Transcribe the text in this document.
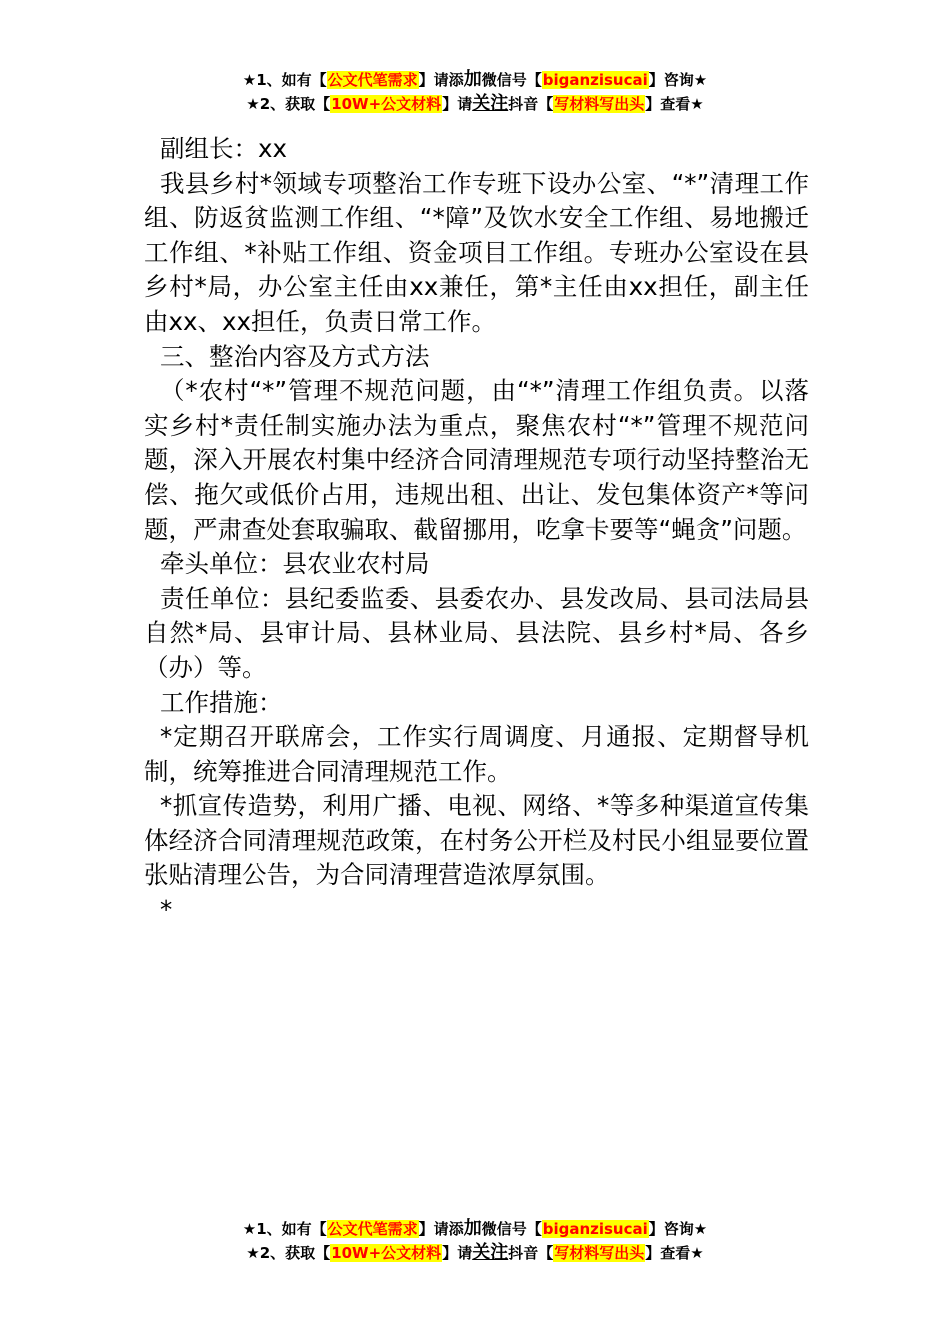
★1、如有【公文代笔需求】请添加微信号【biganzisucai】咨询★
★2、获取【10W+公文材料】请关注抖音【写材料写出头】查看★

副组长：xx

我县乡村*领域专项整治工作专班下设办公室、“*”清理工作组、防返贫监测工作组、“*障”及饮水安全工作组、易地搬迁工作组、*补贴工作组、资金项目工作组。专班办公室设在县乡村*局，办公室主任由xx兼任，第*主任由xx担任，副主任由xx、xx担任，负责日常工作。

三、整治内容及方式方法

（*农村“*”管理不规范问题，由“*”清理工作组负责。以落实乡村*责任制实施办法为重点，聚焦农村“*”管理不规范问题，深入开展农村集中经济合同清理规范专项行动坚持整治无偿、拖欠或低价占用，违规出租、出让、发包集体资产*等问题，严肃查处套取骗取、截留挪用，吃拿卡要等“蝇贪”问题。

牵头单位：县农业农村局

责任单位：县纪委监委、县委农办、县发改局、县司法局县自然*局、县审计局、县林业局、县法院、县乡村*局、各乡（办）等。

工作措施：

*定期召开联席会，工作实行周调度、月通报、定期督导机制，统筹推进合同清理规范工作。

*抓宣传造势，利用广播、电视、网络、*等多种渠道宣传集体经济合同清理规范政策，在村务公开栏及村民小组显要位置张贴清理公告，为合同清理营造浓厚氛围。

*

★1、如有【公文代笔需求】请添加微信号【biganzisucai】咨询★
★2、获取【10W+公文材料】请关注抖音【写材料写出头】查看★
